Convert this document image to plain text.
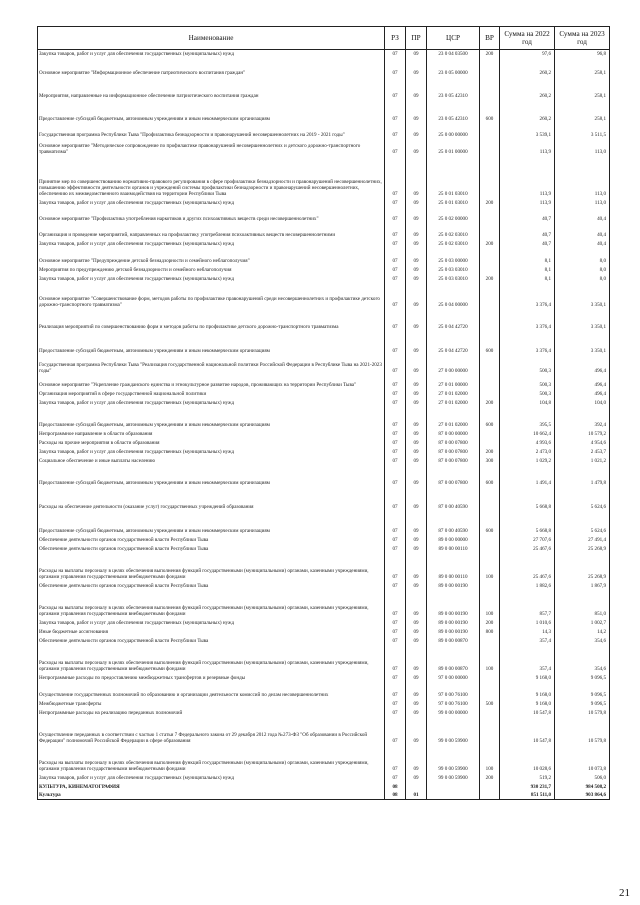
Наименование	РЗ	ПР	ЦСР	ВР	Сумма на 2022 год	Сумма на 2023 год
Закупка товаров, работ и услуг для обеспечения государственных (муниципальных) нужд	07	09	23 0 04 03500	200	97,6	96,8
Основное мероприятие "Информационное обеспечение патриотического воспитания граждан"	07	09	23 0 05 00000		260,2	258,1
Мероприятия, направленные на информационное обеспечение патриотического воспитания граждан	07	09	23 0 05 42310		260,2	258,1
Предоставление субсидий бюджетным, автономным учреждениям и иным некоммерческим организациям	07	09	23 0 05 42310	600	260,2	258,1
Государственная программа Республики Тыва "Профилактика безнадзорности и правонарушений несовершеннолетних на 2019 - 2021 годы"	07	09	25 0 00 00000		3 539,1	3 511,5
Основное мероприятие "Методическое сопровождение по профилактике правонарушений несовершеннолетних и детского дорожно-транспортного травматизма"	07	09	25 0 01 00000		113,9	113,0
Принятие мер по совершенствованию нормативно-правового регулирования в сфере профилактики безнадзорности и правонарушений несовершеннолетних, повышению эффективности деятельности органов и учреждений системы профилактики безнадзорности и правонарушений несовершеннолетних, обеспечению их межведомственного взаимодействия на территории Республики Тыва	07	09	25 0 01 03010		113,9	113,0
Закупка товаров, работ и услуг для обеспечения государственных (муниципальных) нужд	07	09	25 0 01 03010	200	113,9	113,0
Основное мероприятие "Профилактика употребления наркотиков и других психоактивных веществ среди несовершеннолетних"	07	09	25 0 02 00000		40,7	40,4
Организация и проведение мероприятий, направленных на профилактику употребления психоактивных веществ несовершеннолетними	07	09	25 0 02 03010		40,7	40,4
Закупка товаров, работ и услуг для обеспечения государственных (муниципальных) нужд	07	09	25 0 02 03010	200	40,7	40,4
Основное мероприятие "Предупреждение детской безнадзорности и семейного неблагополучия"	07	09	25 0 03 00000		8,1	8,0
Мероприятия по предупреждению детской безнадзорности и семейного неблагополучия	07	09	25 0 03 03010		8,1	8,0
Закупка товаров, работ и услуг для обеспечения государственных (муниципальных) нужд	07	09	25 0 03 03010	200	8,1	8,0
Основное мероприятие "Совершенствование форм, методов работы по профилактике правонарушений среди несовершеннолетних и профилактике детского дорожно-транспортного травматизма"	07	09	25 0 04 00000		3 376,4	3 350,1
Реализация мероприятий по совершенствованию форм и методов работы по профилактике детского дорожно-транспортного травматизма	07	09	25 0 04 42720		3 376,4	3 350,1
Предоставление субсидий бюджетным, автономным учреждениям и иным некоммерческим организациям	07	09	25 0 04 42720	600	3 376,4	3 350,1
Государственная программа Республики Тыва "Реализация государственной национальной политики Российской Федерации в Республике Тыва на 2021-2023 годы"	07	09	27 0 00 00000		500,3	496,4
Основное мероприятие "Укрепление гражданского единства и этнокультурное развитие народов, проживающих на территории Республики Тыва"	07	09	27 0 01 00000		500,3	496,4
Организация мероприятий в сфере государственной национальной политики	07	09	27 0 01 02000		500,3	496,4
Закупка товаров, работ и услуг для обеспечения государственных (муниципальных) нужд	07	09	27 0 01 02000	200	104,8	104,0
Предоставление субсидий бюджетным, автономным учреждениям и иным некоммерческим организациям	07	09	27 0 01 02000	600	395,5	392,4
Непрограммное направление в области образования	07	09	87 0 00 00000		10 662,4	10 579,2
Расходы на прочие мероприятия в области образования	07	09	87 0 00 07800		4 993,6	4 954,6
Закупка товаров, работ и услуг для обеспечения государственных (муниципальных) нужд	07	09	87 0 00 07800	200	2 473,0	2 453,7
Социальное обеспечение и иные выплаты населению	07	09	87 0 00 07800	300	1 029,2	1 021,2
Предоставление субсидий бюджетным, автономным учреждениям и иным некоммерческим организациям	07	09	87 0 00 07800	600	1 491,4	1 479,8
Расходы на обеспечение деятельности (оказание услуг) государственных учреждений образования	07	09	87 0 00 40590		5 668,8	5 624,6
Предоставление субсидий бюджетным, автономным учреждениям и иным некоммерческим организациям	07	09	87 0 00 40590	600	5 668,8	5 624,6
Обеспечение деятельности органов государственной власти Республики Тыва	07	09	89 0 00 00000		27 707,6	27 491,4
Обеспечение деятельности органов государственной власти Республики Тыва	07	09	89 0 00 00110		25 467,6	25 268,9
Расходы на выплаты персоналу в целях обеспечения выполнения функций государственными (муниципальными) органами, казенными учреждениями, органами управления государственными внебюджетными фондами	07	09	89 0 00 00110	100	25 467,6	25 268,9
Обеспечение деятельности органов государственной власти Республики Тыва	07	09	89 0 00 00190		1 882,6	1 867,9
Расходы на выплаты персоналу в целях обеспечения выполнения функций государственными (муниципальными) органами, казенными учреждениями, органами управления государственными внебюджетными фондами	07	09	89 0 00 00190	100	857,7	851,0
Закупка товаров, работ и услуг для обеспечения государственных (муниципальных) нужд	07	09	89 0 00 00190	200	1 010,6	1 002,7
Иные бюджетные ассигнования	07	09	89 0 00 00190	800	14,3	14,2
Обеспечение деятельности органов государственной власти Республики Тыва	07	09	89 0 00 00870		357,4	354,6
Расходы на выплаты персоналу в целях обеспечения выполнения функций государственными (муниципальными) органами, казенными учреждениями, органами управления государственными внебюджетными фондами	07	09	89 0 00 00870	100	357,4	354,6
Непрограммные расходы по предоставлению межбюджетных трансфертов и резервные фонды	07	09	97 0 00 00000		9 168,0	9 096,5
Осуществление государственных полномочий по образованию и организации деятельности комиссий по делам несовершеннолетних	07	09	97 0 00 76100		9 168,0	9 096,5
Межбюджетные трансферты	07	09	97 0 00 76100	500	9 168,0	9 096,5
Непрограммные расходы на реализацию переданных полномочий	07	09	99 0 00 00000		10 547,8	10 579,8
Осуществление переданных в соответствии с частью 1 статьи 7 Федерального закона от 29 декабря 2012 года №273-ФЗ "Об образовании в Российской Федерации" полномочий Российской Федерации в сфере образования	07	09	99 0 00 59900		10 547,8	10 579,8
Расходы на выплаты персоналу в целях обеспечения выполнения функций государственными (муниципальными) органами, казенными учреждениями, органами управления государственными внебюджетными фондами	07	09	99 0 00 59900	100	10 028,6	10 073,8
Закупка товаров, работ и услуг для обеспечения государственных (муниципальных) нужд	07	09	99 0 00 59900	200	519,2	506,0
КУЛЬТУРА, КИНЕМАТОГРАФИЯ	08				930 231,7	984 508,2
Культура	08	01			851 511,0	903 864,6
21
